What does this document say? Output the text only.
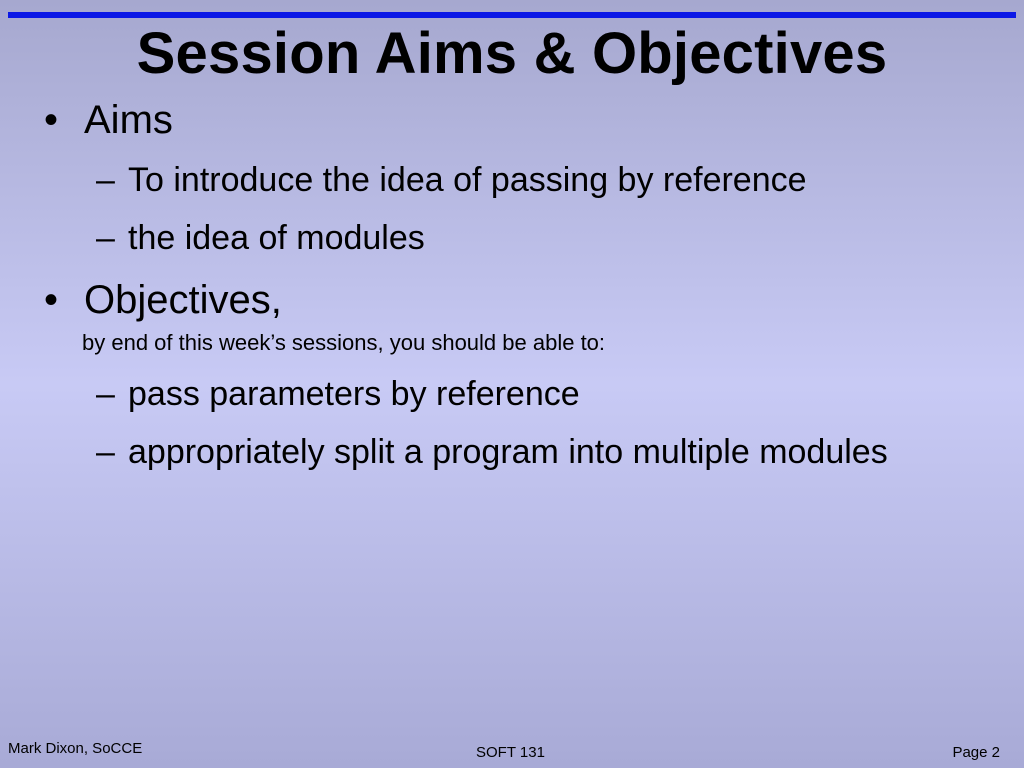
Session Aims & Objectives
• Aims
– To introduce the idea of passing by reference
– the idea of modules
• Objectives,
by end of this week’s sessions, you should be able to:
– pass parameters by reference
– appropriately split a program into multiple modules
Mark Dixon, SoCCE	SOFT 131	Page 2
